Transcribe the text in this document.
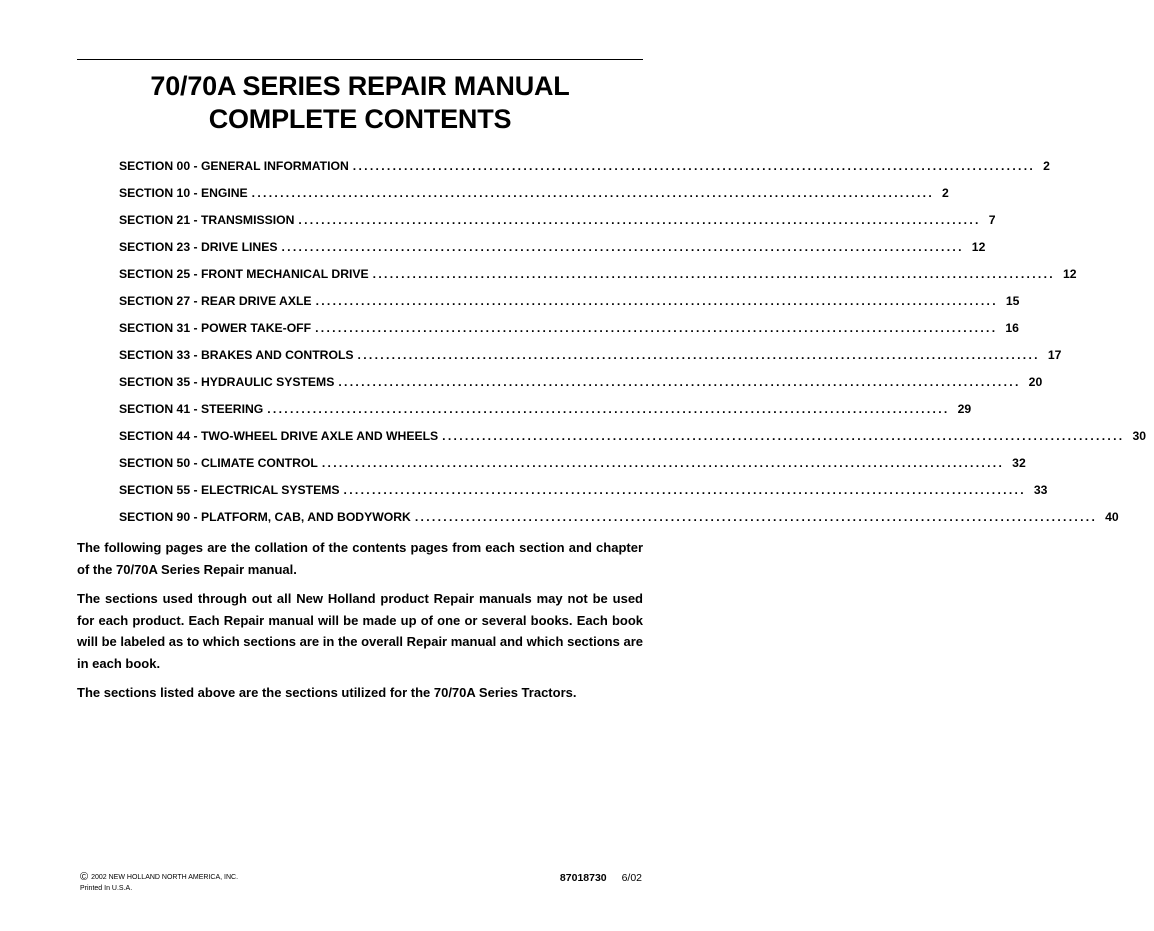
70/70A SERIES REPAIR MANUAL
COMPLETE CONTENTS
SECTION 00 - GENERAL INFORMATION ........................................................................................................................ 2
SECTION 10 - ENGINE ........................................................................................................................ 2
SECTION 21 - TRANSMISSION ........................................................................................................................ 7
SECTION 23 - DRIVE LINES ........................................................................................................................ 12
SECTION 25 - FRONT MECHANICAL DRIVE ........................................................................................................................ 12
SECTION 27 - REAR DRIVE AXLE ........................................................................................................................ 15
SECTION 31 - POWER TAKE-OFF ........................................................................................................................ 16
SECTION 33 - BRAKES AND CONTROLS ........................................................................................................................ 17
SECTION 35 - HYDRAULIC SYSTEMS ........................................................................................................................ 20
SECTION 41 - STEERING ........................................................................................................................ 29
SECTION 44 - TWO-WHEEL DRIVE AXLE AND WHEELS ........................................................................................................................ 30
SECTION 50 - CLIMATE CONTROL ........................................................................................................................ 32
SECTION 55 - ELECTRICAL SYSTEMS ........................................................................................................................ 33
SECTION 90 - PLATFORM, CAB, AND BODYWORK ........................................................................................................................ 40

The following pages are the collation of the contents pages from each section and chapter of the 70/70A Series Repair manual.

The sections used through out all New Holland product Repair manuals may not be used for each product. Each Repair manual will be made up of one or several books. Each book will be labeled as to which sections are in the overall Repair manual and which sections are in each book.

The sections listed above are the sections utilized for the 70/70A Series Tractors.

© 2002 NEW HOLLAND NORTH AMERICA, INC.
Printed In U.S.A.
87018730 6/02
